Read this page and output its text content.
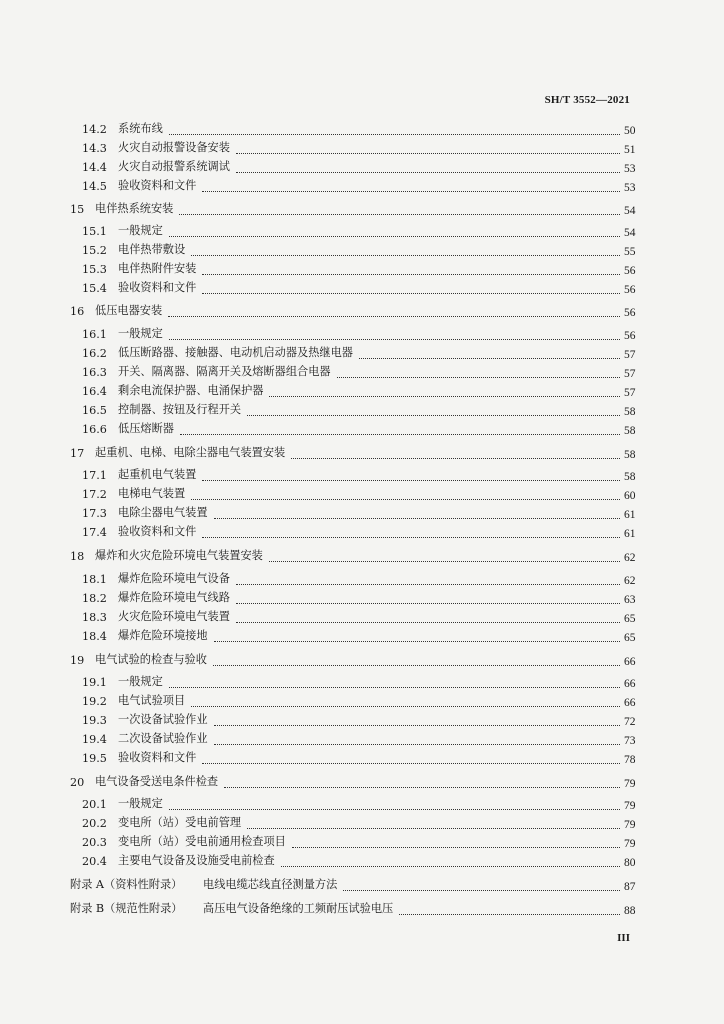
SH/T 3552—2021
14.2 系统布线	50
14.3 火灾自动报警设备安装	51
14.4 火灾自动报警系统调试	53
14.5 验收资料和文件	53
15 电伴热系统安装	54
15.1 一般规定	54
15.2 电伴热带敷设	55
15.3 电伴热附件安装	56
15.4 验收资料和文件	56
16 低压电器安装	56
16.1 一般规定	56
16.2 低压断路器、接触器、电动机启动器及热继电器	57
16.3 开关、隔离器、隔离开关及熔断器组合电器	57
16.4 剩余电流保护器、电涌保护器	57
16.5 控制器、按钮及行程开关	58
16.6 低压熔断器	58
17 起重机、电梯、电除尘器电气装置安装	58
17.1 起重机电气装置	58
17.2 电梯电气装置	60
17.3 电除尘器电气装置	61
17.4 验收资料和文件	61
18 爆炸和火灾危险环境电气装置安装	62
18.1 爆炸危险环境电气设备	62
18.2 爆炸危险环境电气线路	63
18.3 火灾危险环境电气装置	65
18.4 爆炸危险环境接地	65
19 电气试验的检查与验收	66
19.1 一般规定	66
19.2 电气试验项目	66
19.3 一次设备试验作业	72
19.4 二次设备试验作业	73
19.5 验收资料和文件	78
20 电气设备受送电条件检查	79
20.1 一般规定	79
20.2 变电所（站）受电前管理	79
20.3 变电所（站）受电前通用检查项目	79
20.4 主要电气设备及设施受电前检查	80
附录 A（资料性附录） 电线电缆芯线直径测量方法	87
附录 B（规范性附录） 高压电气设备绝缘的工频耐压试验电压	88
III
